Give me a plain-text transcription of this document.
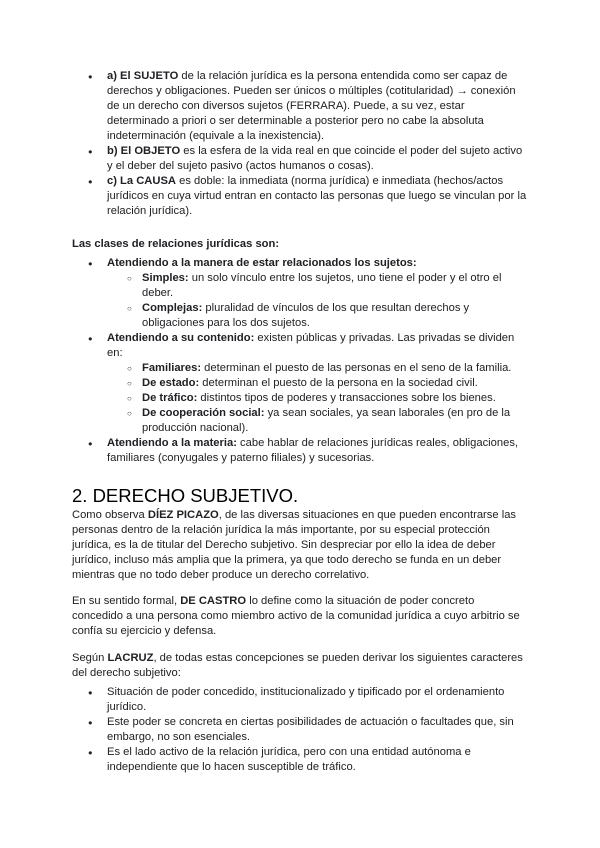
● a) El SUJETO de la relación jurídica es la persona entendida como ser capaz de derechos y obligaciones. Pueden ser únicos o múltiples (cotitularidad) → conexión de un derecho con diversos sujetos (FERRARA). Puede, a su vez, estar determinado a priori o ser determinable a posterior pero no cabe la absoluta indeterminación (equivale a la inexistencia).
● b) El OBJETO es la esfera de la vida real en que coincide el poder del sujeto activo y el deber del sujeto pasivo (actos humanos o cosas).
● c) La CAUSA es doble: la inmediata (norma jurídica) e inmediata (hechos/actos jurídicos en cuya virtud entran en contacto las personas que luego se vinculan por la relación jurídica).

Las clases de relaciones jurídicas son:

● Atendiendo a la manera de estar relacionados los sujetos:
○ Simples: un solo vínculo entre los sujetos, uno tiene el poder y el otro el deber.
○ Complejas: pluralidad de vínculos de los que resultan derechos y obligaciones para los dos sujetos.
● Atendiendo a su contenido: existen públicas y privadas. Las privadas se dividen en:
○ Familiares: determinan el puesto de las personas en el seno de la familia.
○ De estado: determinan el puesto de la persona en la sociedad civil.
○ De tráfico: distintos tipos de poderes y transacciones sobre los bienes.
○ De cooperación social: ya sean sociales, ya sean laborales (en pro de la producción nacional).
● Atendiendo a la materia: cabe hablar de relaciones jurídicas reales, obligaciones, familiares (conyugales y paterno filiales) y sucesorias.

2. DERECHO SUBJETIVO.

Como observa DÍEZ PICAZO, de las diversas situaciones en que pueden encontrarse las personas dentro de la relación jurídica la más importante, por su especial protección jurídica, es la de titular del Derecho subjetivo. Sin despreciar por ello la idea de deber jurídico, incluso más amplia que la primera, ya que todo derecho se funda en un deber mientras que no todo deber produce un derecho correlativo.

En su sentido formal, DE CASTRO lo define como la situación de poder concreto concedido a una persona como miembro activo de la comunidad jurídica a cuyo arbitrio se confía su ejercicio y defensa.

Según LACRUZ, de todas estas concepciones se pueden derivar los siguientes caracteres del derecho subjetivo:

● Situación de poder concedido, institucionalizado y tipificado por el ordenamiento jurídico.
● Este poder se concreta en ciertas posibilidades de actuación o facultades que, sin embargo, no son esenciales.
● Es el lado activo de la relación jurídica, pero con una entidad autónoma e independiente que lo hacen susceptible de tráfico.
